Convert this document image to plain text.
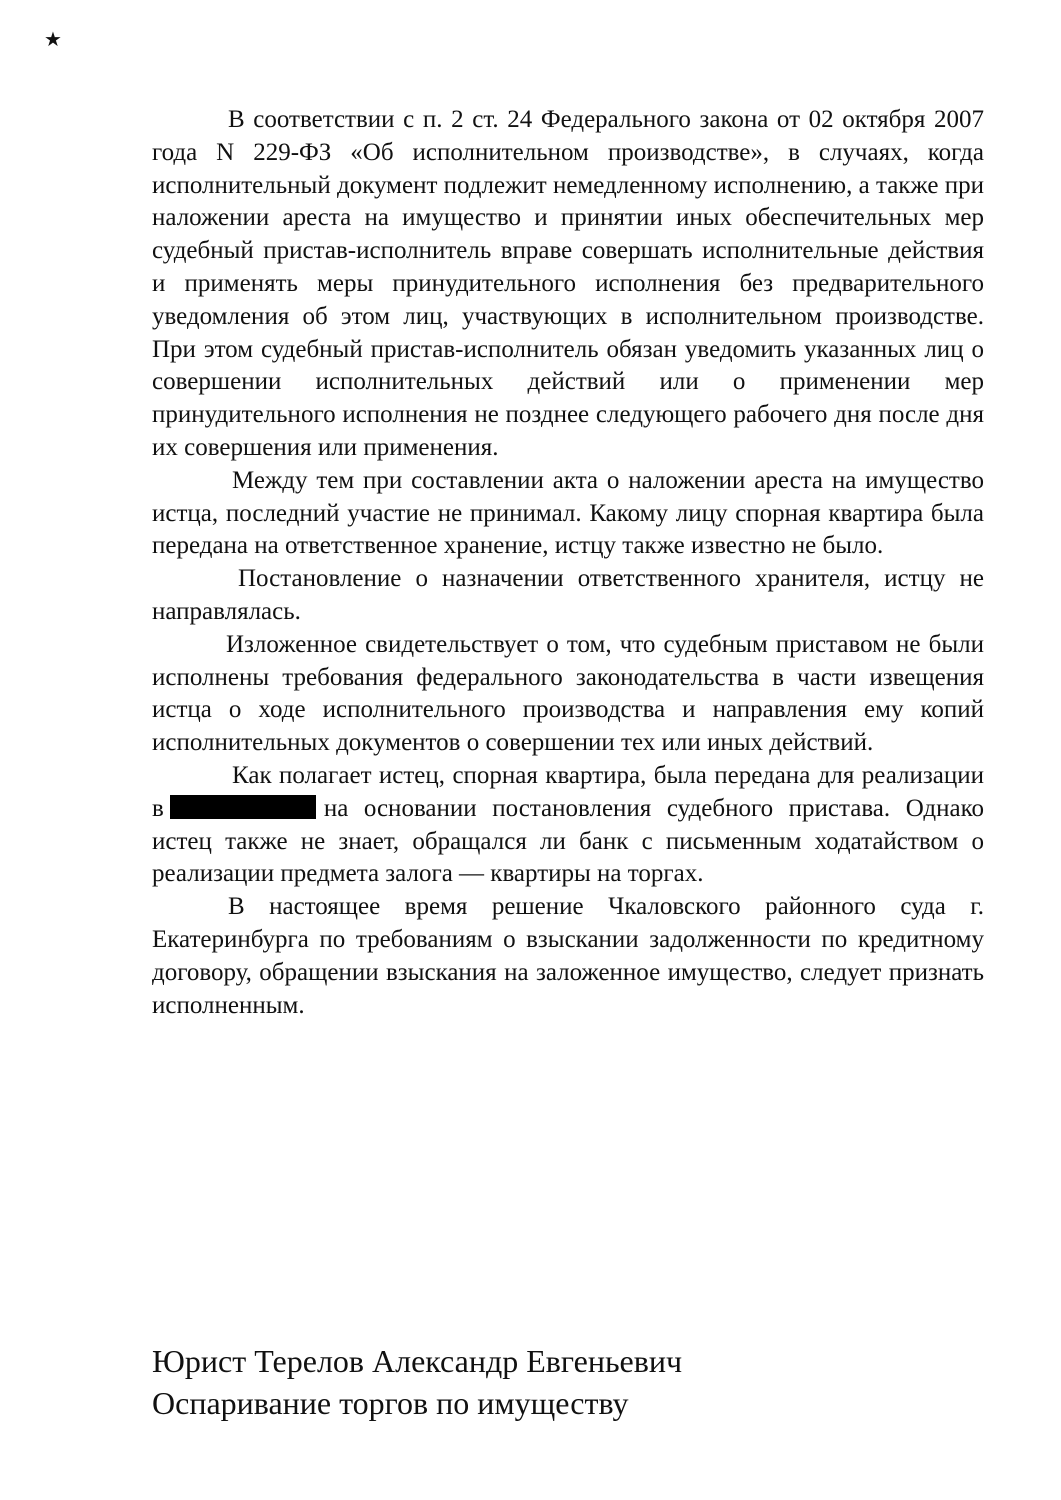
★

В соответствии с п. 2 ст. 24 Федерального закона от 02 октября 2007 года N 229-ФЗ «Об исполнительном производстве», в случаях, когда исполнительный документ подлежит немедленному исполнению, а также при наложении ареста на имущество и принятии иных обеспечительных мер судебный пристав-исполнитель вправе совершать исполнительные действия и применять меры принудительного исполнения без предварительного уведомления об этом лиц, участвующих в исполнительном производстве. При этом судебный пристав-исполнитель обязан уведомить указанных лиц о совершении исполнительных действий или о применении мер принудительного исполнения не позднее следующего рабочего дня после дня их совершения или применения.

Между тем при составлении акта о наложении ареста на имущество истца, последний участие не принимал. Какому лицу спорная квартира была передана на ответственное хранение, истцу также известно не было.

Постановление о назначении ответственного хранителя, истцу не направлялась.

Изложенное свидетельствует о том, что судебным приставом не были исполнены требования федерального законодательства в части извещения истца о ходе исполнительного производства и направления ему копий исполнительных документов о совершении тех или иных действий.

Как полагает истец, спорная квартира, была передана для реализации в	на основании постановления судебного пристава. Однако истец также не знает, обращался ли банк с письменным ходатайством о реализации предмета залога — квартиры на торгах.

В настоящее время решение Чкаловского районного суда г. Екатеринбурга по требованиям о взыскании задолженности по кредитному договору, обращении взыскания на заложенное имущество, следует признать исполненным.

Юрист Терелов Александр Евгеньевич

Оспаривание торгов по имуществу
